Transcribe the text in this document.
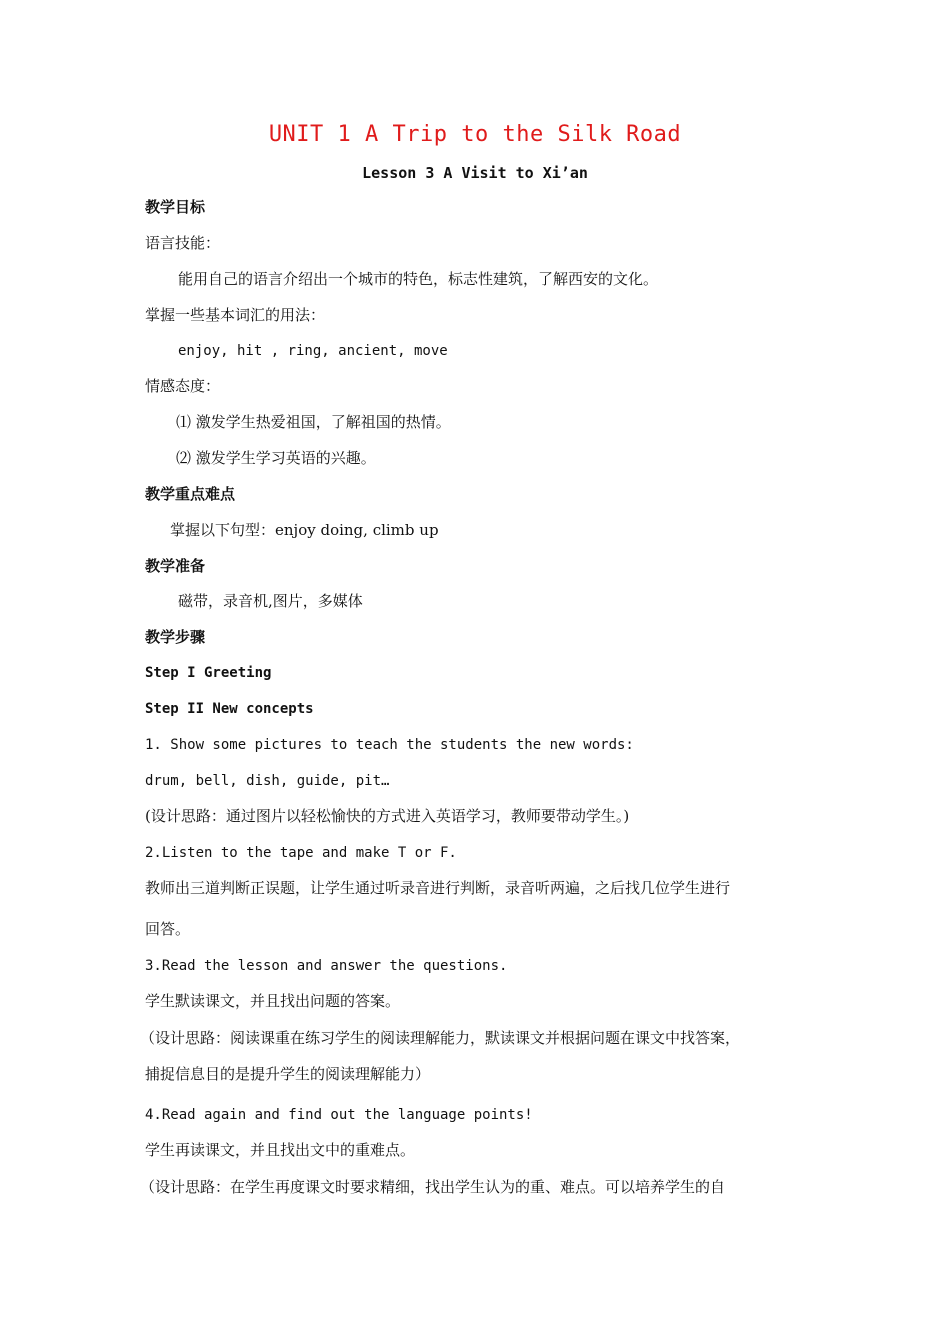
UNIT 1 A Trip to the Silk Road
Lesson 3 A Visit to Xi’an
教学目标
语言技能：
能用自己的语言介绍出一个城市的特色，标志性建筑，了解西安的文化。
掌握一些基本词汇的用法：
enjoy, hit , ring, ancient, move
情感态度：
⑴ 激发学生热爱祖国，了解祖国的热情。
⑵ 激发学生学习英语的兴趣。
教学重点难点
掌握以下句型：enjoy doing, climb up
教学准备
磁带，录音机,图片，多媒体
教学步骤
Step I Greeting
Step II New concepts
1. Show some pictures to teach the students the new words:
drum, bell, dish, guide, pit…
(设计思路：通过图片以轻松愉快的方式进入英语学习，教师要带动学生。)
2.Listen to the tape and make T or F.
教师出三道判断正误题，让学生通过听录音进行判断，录音听两遍，之后找几位学生进行
回答。
3.Read the lesson and answer the questions.
学生默读课文，并且找出问题的答案。
（设计思路：阅读课重在练习学生的阅读理解能力，默读课文并根据问题在课文中找答案，
捕捉信息目的是提升学生的阅读理解能力）
4.Read again and find out the language points!
学生再读课文，并且找出文中的重难点。
（设计思路：在学生再度课文时要求精细，找出学生认为的重、难点。可以培养学生的自
